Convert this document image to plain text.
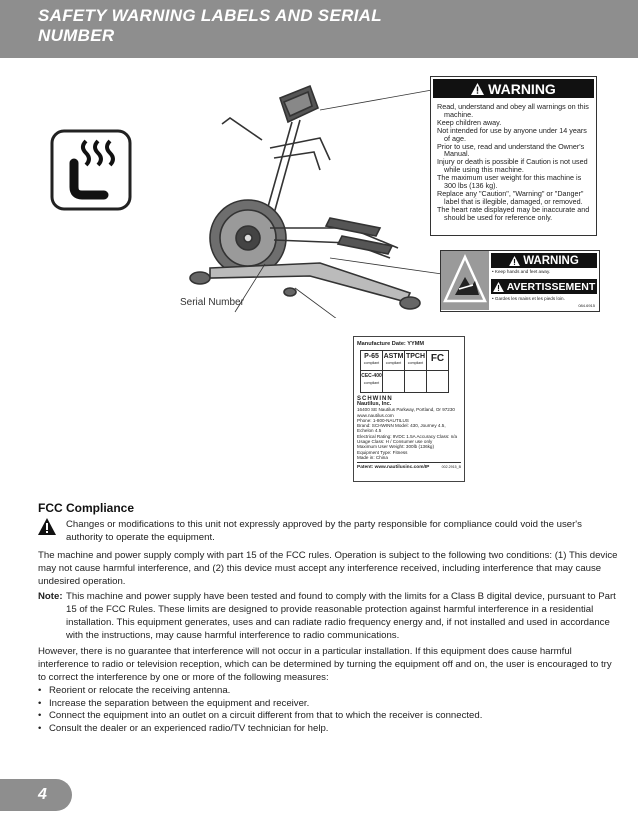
SAFETY WARNING LABELS AND SERIAL NUMBER
WARNING
Read, understand and obey all warnings on this machine.
Keep children away.
Not intended for use by anyone under 14 years of age.
Prior to use, read and understand the Owner's Manual.
Injury or death is possible if Caution is not used while using this machine.
The maximum user weight for this machine is 300 lbs (136 kg).
Replace any "Caution", "Warning" or "Danger" label that is illegible, damaged, or removed.
The heart rate displayed may be inaccurate and should be used for reference only.
WARNING
• Keep hands and feet away.
AVERTISSEMENT
• Gardes les mains et les pieds loin.
084.6915
Serial Number
Manufacture Date: YYMM
P-65
compliant
ASTM
compliant
TPCH
compliant FC
CEC-400
compliant
SCHWINN
Nautilus, Inc.
16400 SE Nautilus Parkway, Portland, Or 97230
www.nautilus.com
Phone: 1-800-NAUTILUS
Brand: SCHWINN Model: 430, Journey 4.5, Echelon 4.5
Electrical Rating: 9VDC 1.5A Accuracy Class: n/a
Usage Class: H / Consumer use only
Maximum User Weight: 300lb (136kg)
Equipment Type: Fitness
Made in: China
Patent: www.nautilusinc.com/IP	002.2915_B
FCC Compliance
Changes or modifications to this unit not expressly approved by the party responsible for compliance could void the user's authority to operate the equipment.
The machine and power supply comply with part 15 of the FCC rules. Operation is subject to the following two conditions: (1) This device may not cause harmful interference, and (2) this device must accept any interference received, including interference that may cause undesired operation.
Note: This machine and power supply have been tested and found to comply with the limits for a Class B digital device, pursuant to Part 15 of the FCC Rules. These limits are designed to provide reasonable protection against harmful interference in a residential installation. This equipment generates, uses and can radiate radio frequency energy and, if not installed and used in accordance with the instructions, may cause harmful interference to radio communications.
However, there is no guarantee that interference will not occur in a particular installation. If this equipment does cause harmful interference to radio or television reception, which can be determined by turning the equipment off and on, the user is encouraged to try to correct the interference by one or more of the following measures:
• Reorient or relocate the receiving antenna.
• Increase the separation between the equipment and receiver.
• Connect the equipment into an outlet on a circuit different from that to which the receiver is connected.
• Consult the dealer or an experienced radio/TV technician for help.
4
